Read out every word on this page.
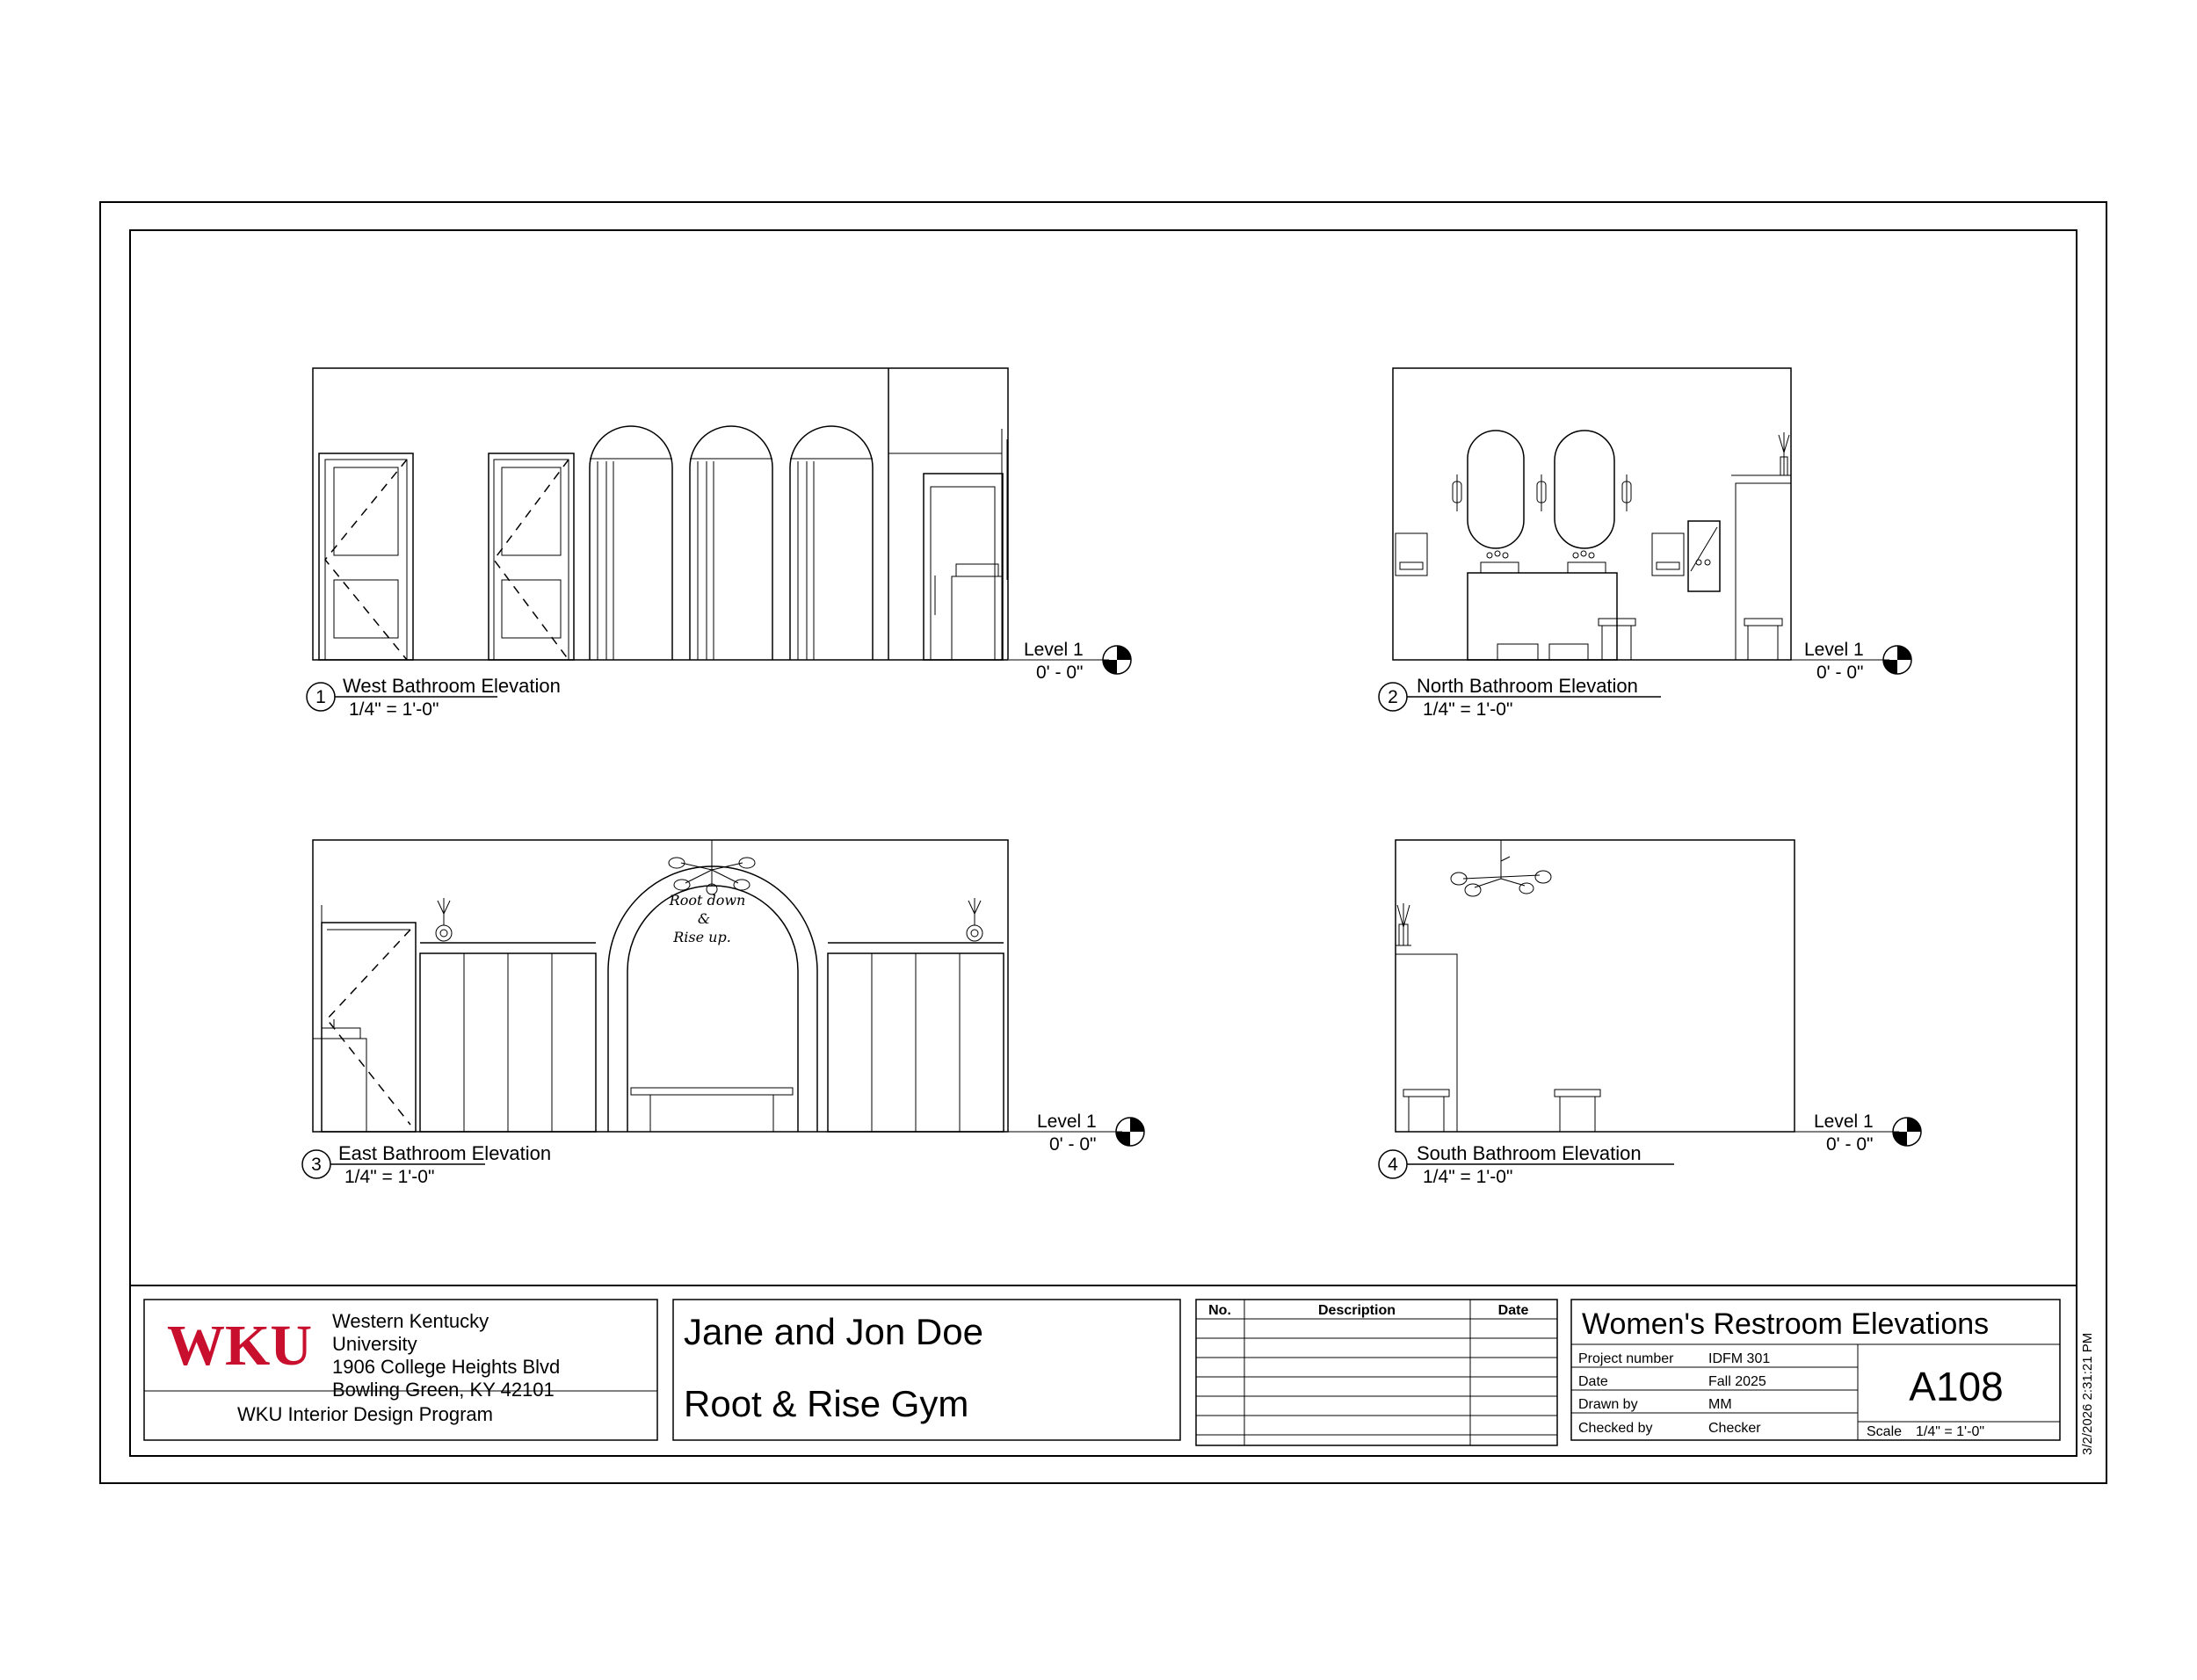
Level 1
0' - 0"
1
West Bathroom Elevation
1/4" = 1'-0"
Level 1
0' - 0"
2
North Bathroom Elevation
1/4" = 1'-0"
Root down
&
Rise up.
Level 1
0' - 0"
3
East Bathroom Elevation
1/4" = 1'-0"
Level 1
0' - 0"
4
South Bathroom Elevation
1/4" = 1'-0"
WKU Western Kentucky
University
1906 College Heights Blvd
Bowling Green, KY 42101
WKU Interior Design Program
Jane and Jon Doe
Root & Rise Gym
No.	Description	Date Women's Restroom Elevations
Project number IDFM 301
Date	Fall 2025
Drawn by	MM
Checked by	Checker
A108
Scale 1/4" = 1'-0"	3/2/2026 2:31:21 PM
